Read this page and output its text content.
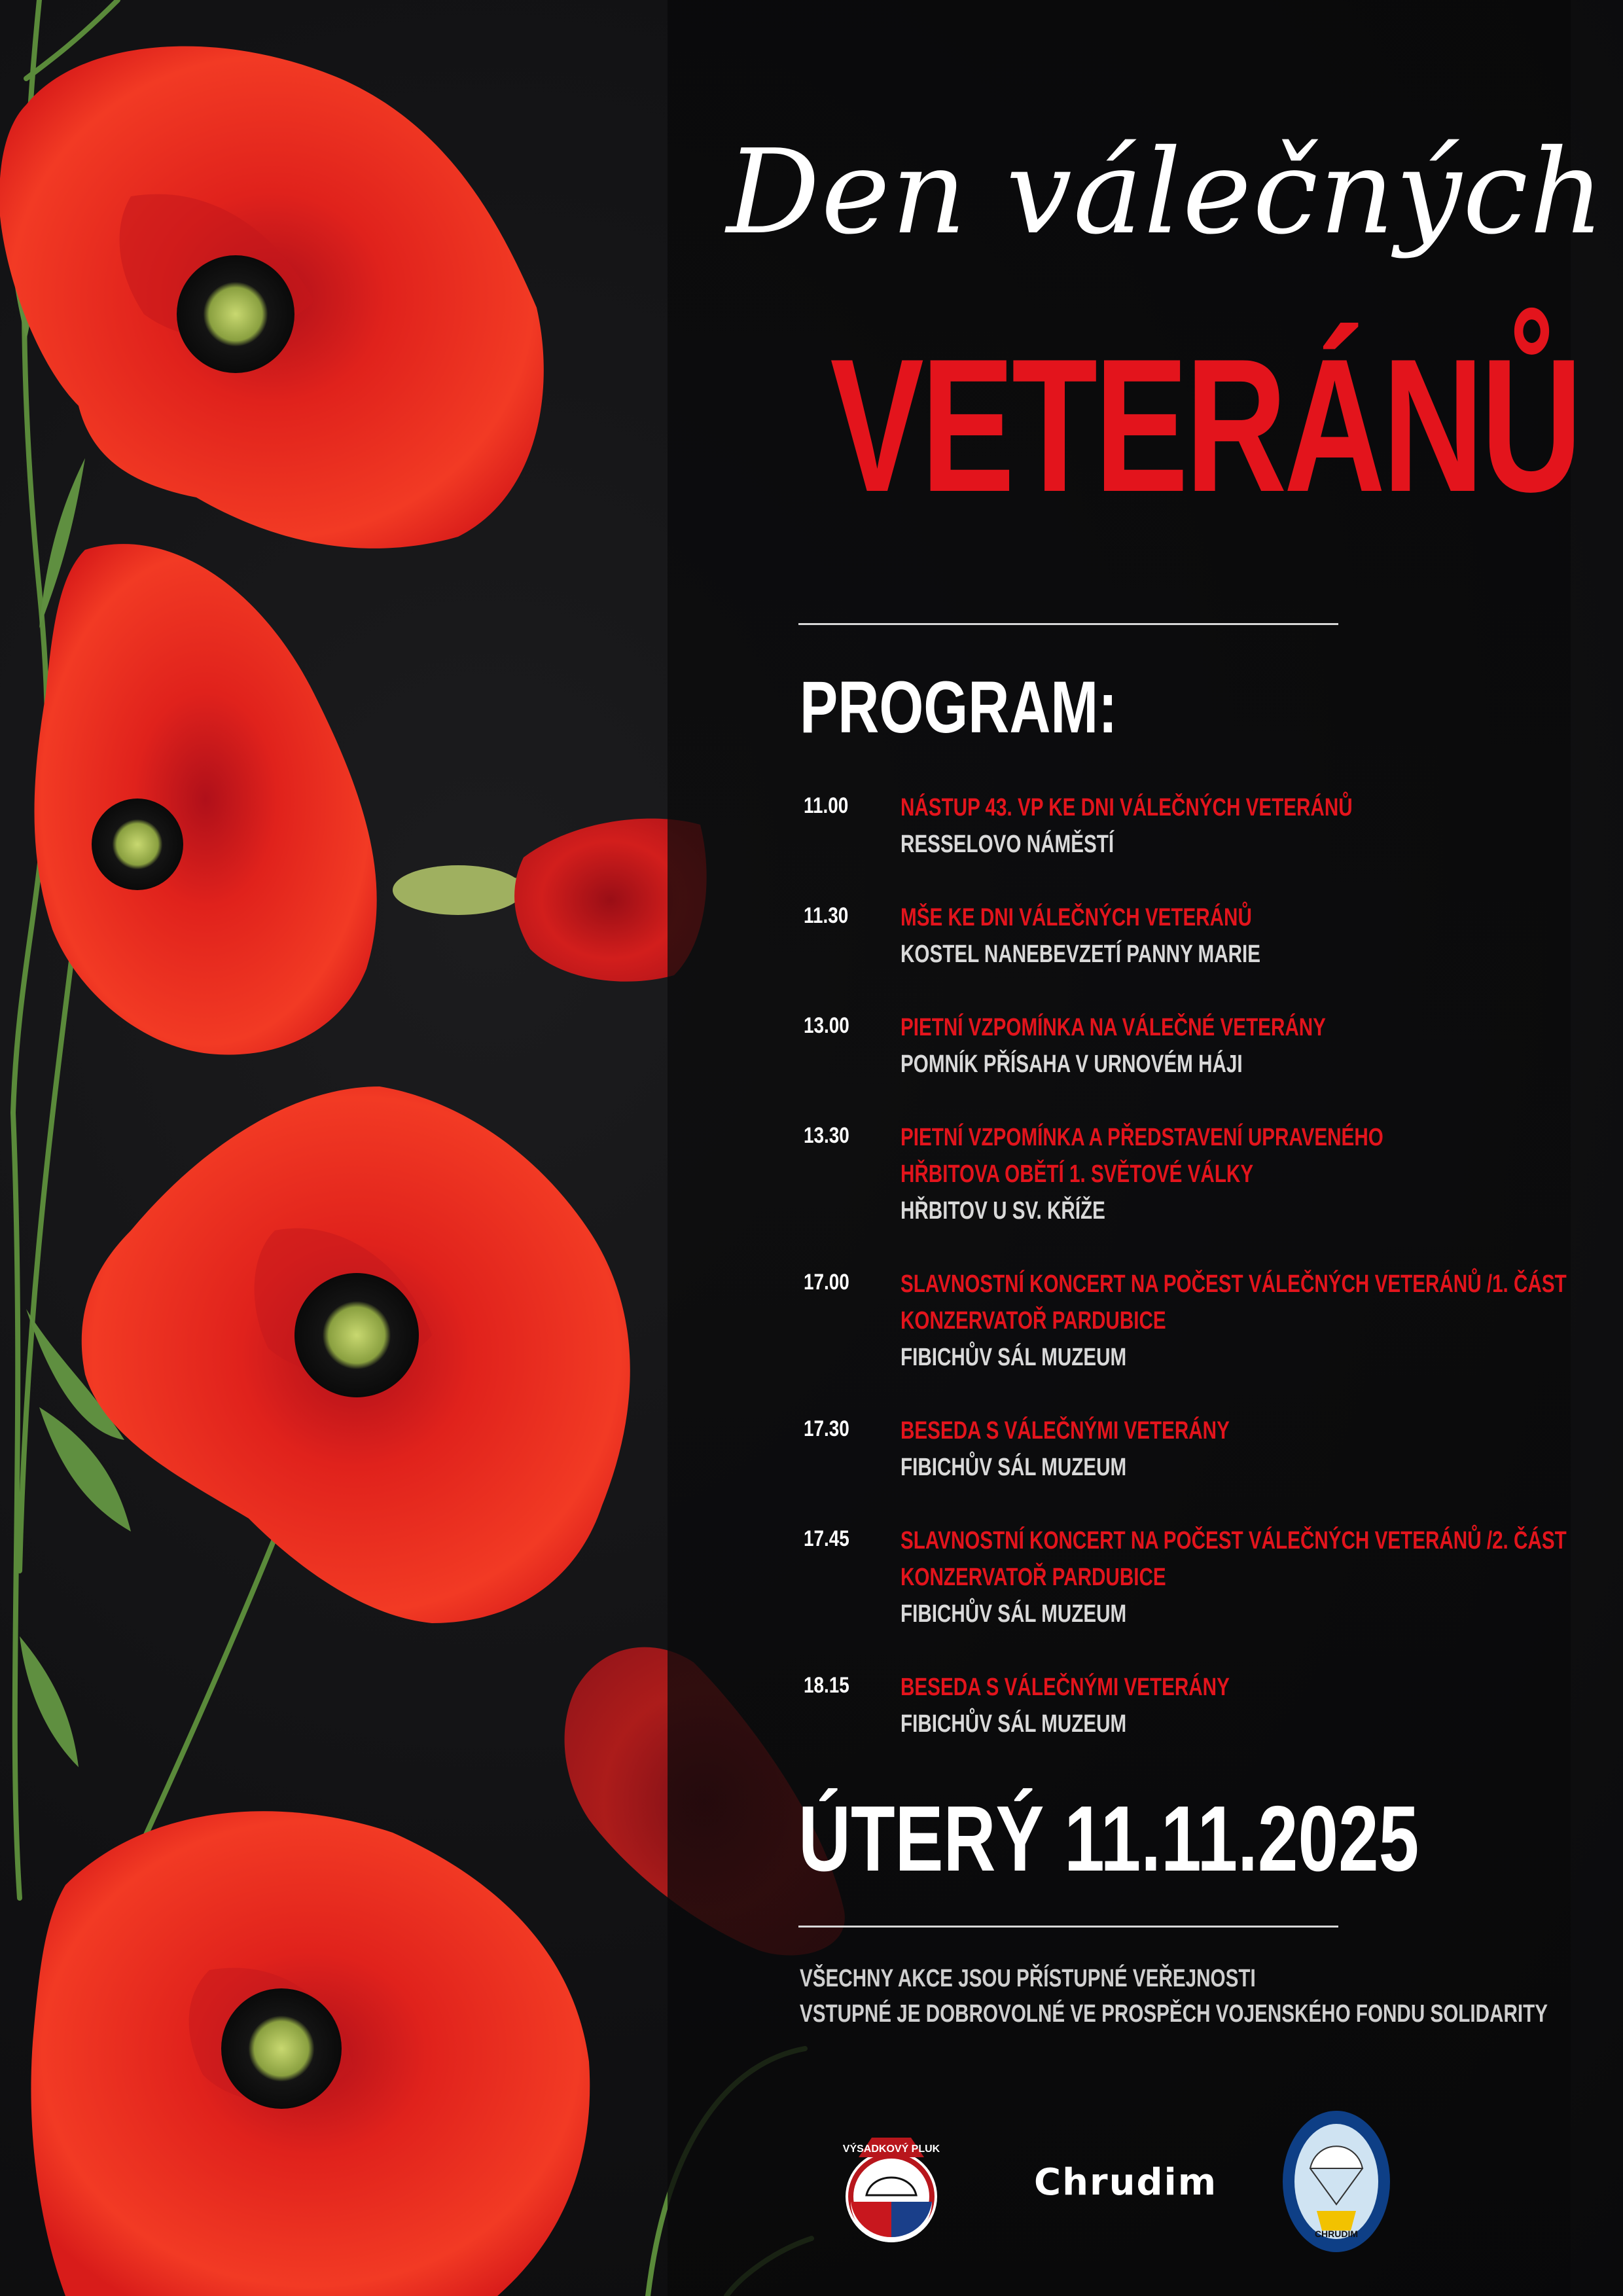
Den válečných
VETERÁNŮ
PROGRAM:
11.00 NÁSTUP 43. VP KE DNI VÁLEČNÝCH VETERÁNŮ
RESSELOVO NÁMĚSTÍ
11.30 MŠE KE DNI VÁLEČNÝCH VETERÁNŮ
KOSTEL NANEBEVZETÍ PANNY MARIE
13.00 PIETNÍ VZPOMÍNKA NA VÁLEČNÉ VETERÁNY
POMNÍK PŘÍSAHA V URNOVÉM HÁJI
13.30 PIETNÍ VZPOMÍNKA A PŘEDSTAVENÍ UPRAVENÉHO
HŘBITOVA OBĚTÍ 1. SVĚTOVÉ VÁLKY
HŘBITOV U SV. KŘÍŽE
17.00 SLAVNOSTNÍ KONCERT NA POČEST VÁLEČNÝCH VETERÁNŮ /1. ČÁST
KONZERVATOŘ PARDUBICE
FIBICHŮV SÁL MUZEUM
17.30 BESEDA S VÁLEČNÝMI VETERÁNY
FIBICHŮV SÁL MUZEUM
17.45 SLAVNOSTNÍ KONCERT NA POČEST VÁLEČNÝCH VETERÁNŮ /2. ČÁST
KONZERVATOŘ PARDUBICE
FIBICHŮV SÁL MUZEUM
18.15 BESEDA S VÁLEČNÝMI VETERÁNY
FIBICHŮV SÁL MUZEUM
ÚTERÝ 11.11.2025
VŠECHNY AKCE JSOU PŘÍSTUPNÉ VEŘEJNOSTI
VSTUPNÉ JE DOBROVOLNÉ VE PROSPĚCH VOJENSKÉHO FONDU SOLIDARITY
VÝSADKOVÝ PLUK
Chrudim
CHRUDIM
